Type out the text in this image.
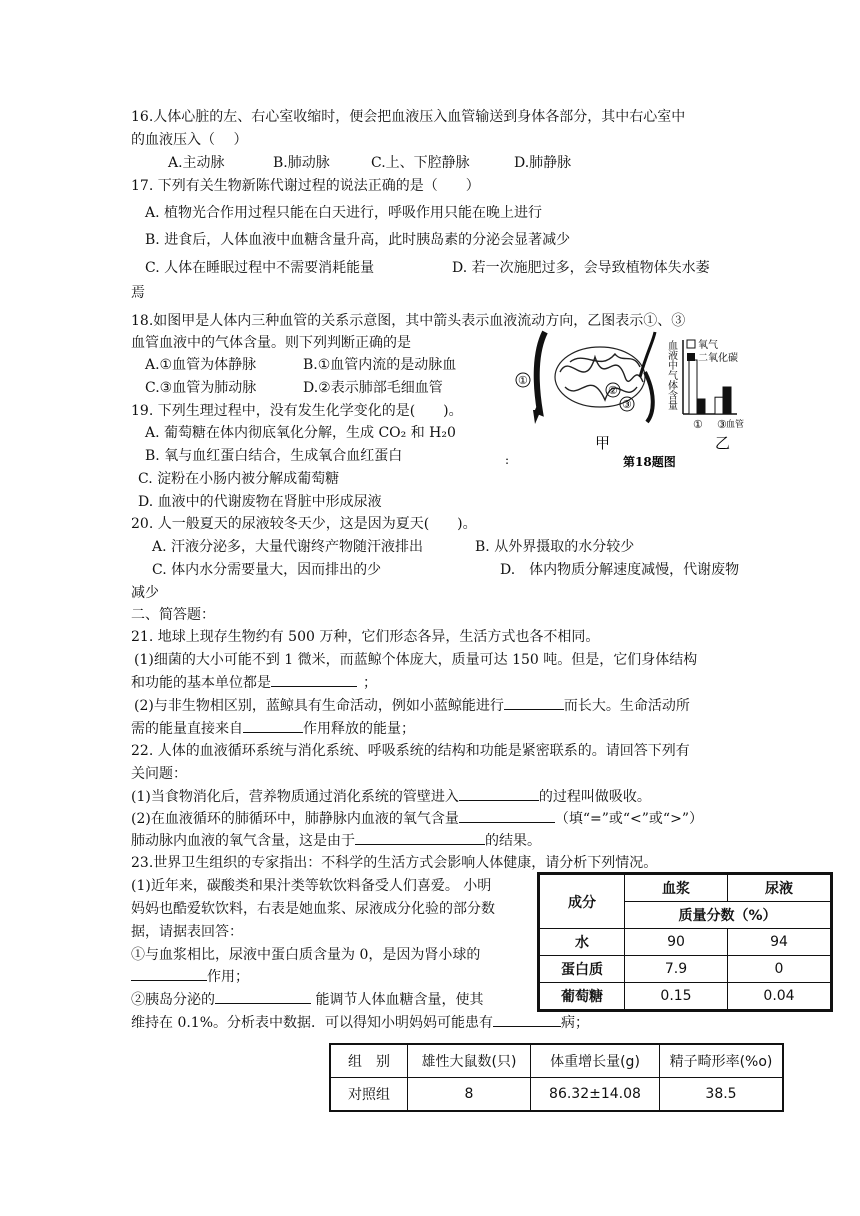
16.人体心脏的左、右心室收缩时，便会把血液压入血管输送到身体各部分，其中右心室中
的血液压入（　 ）
A.主动脉	B.肺动脉	C.上、下腔静脉	D.肺静脉
17. 下列有关生物新陈代谢过程的说法正确的是（　　）
A. 植物光合作用过程只能在白天进行，呼吸作用只能在晚上进行
B. 进食后，人体血液中血糖含量升高，此时胰岛素的分泌会显著减少
C. 人体在睡眠过程中不需要消耗能量	D. 若一次施肥过多，会导致植物体失水萎
焉
18.如图甲是人体内三种血管的关系示意图，其中箭头表示血液流动方向，乙图表示①、③
血管血液中的气体含量。则下列判断正确的是
A.①血管为体静脉	B.①血管内流的是动脉血
C.③血管为肺动脉	D.②表示肺部毛细血管	①
②
③
甲
血液中气体含量 氧气
二氧化碳
① ③ 血管
乙
:	第18题图
19. 下列生理过程中，没有发生化学变化的是(　　)。
A. 葡萄糖在体内彻底氧化分解，生成 CO₂ 和 H₂0
B. 氧与血红蛋白结合，生成氧合血红蛋白
C. 淀粉在小肠内被分解成葡萄糖
D. 血液中的代谢废物在肾脏中形成尿液
20. 人一般夏天的尿液较冬天少，这是因为夏天(　　)。
A. 汗液分泌多，大量代谢终产物随汗液排出	B. 从外界摄取的水分较少
C. 体内水分需要量大，因而排出的少	D.　体内物质分解速度减慢，代谢废物
减少
二、简答题：
21. 地球上现存生物约有 500 万种，它们形态各异，生活方式也各不相同。
(1)细菌的大小可能不到 1 微米，而蓝鲸个体庞大，质量可达 150 吨。但是，它们身体结构
和功能的基本单位都是	；
(2)与非生物相区别，蓝鲸具有生命活动，例如小蓝鲸能进行	而长大。生命活动所
需的能量直接来自	作用释放的能量；
22. 人体的血液循环系统与消化系统、呼吸系统的结构和功能是紧密联系的。请回答下列有
关问题：
(1)当食物消化后，营养物质通过消化系统的管壁进入	的过程叫做吸收。
(2)在血液循环的肺循环中，肺静脉内血液的氧气含量	（填“=”或“<”或“>”）
肺动脉内血液的氧气含量，这是由于	的结果。
23.世界卫生组织的专家指出：不科学的生活方式会影响人体健康，请分析下列情况。
(1)近年来，碳酸类和果汁类等软饮料备受人们喜爱。 小明
妈妈也酷爱软饮料，右表是她血浆、尿液成分化验的部分数
据，请据表回答：
①与血浆相比，尿液中蛋白质含量为 0，是因为肾小球的
作用；
②胰岛分泌的	能调节人体血糖含量，使其
维持在 0.1%。分析表中数据．可以得知小明妈妈可能患有	病；
成分	血浆	尿液
	质量分数（%）	
水	90	94
蛋白质	7.9	0
葡萄糖	0.15	0.04
组　别	雄性大鼠数(只)	体重增长量(g)	精子畸形率(%o)
对照组	8	86.32±14.08	38.5
